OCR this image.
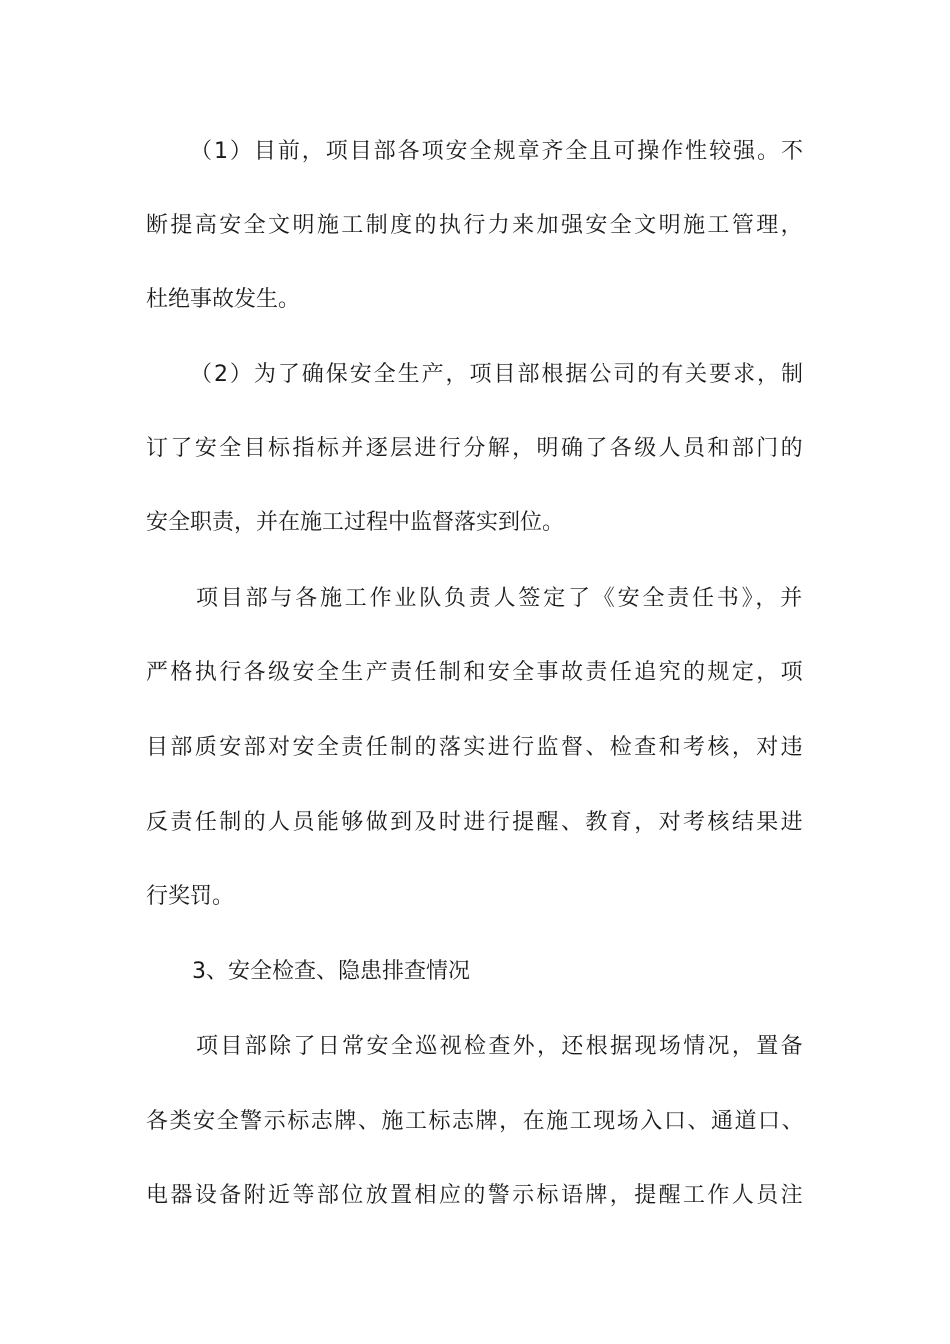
（1）目前，项目部各项安全规章齐全且可操作性较强。不
断提高安全文明施工制度的执行力来加强安全文明施工管理，
杜绝事故发生。
（2）为了确保安全生产，项目部根据公司的有关要求，制
订了安全目标指标并逐层进行分解，明确了各级人员和部门的
安全职责，并在施工过程中监督落实到位。
项目部与各施工作业队负责人签定了《安全责任书》，并
严格执行各级安全生产责任制和安全事故责任追究的规定，项
目部质安部对安全责任制的落实进行监督、检查和考核，对违
反责任制的人员能够做到及时进行提醒、教育，对考核结果进
行奖罚。
3、安全检查、隐患排查情况
项目部除了日常安全巡视检查外，还根据现场情况，置备
各类安全警示标志牌、施工标志牌，在施工现场入口、通道口、
电器设备附近等部位放置相应的警示标语牌，提醒工作人员注
